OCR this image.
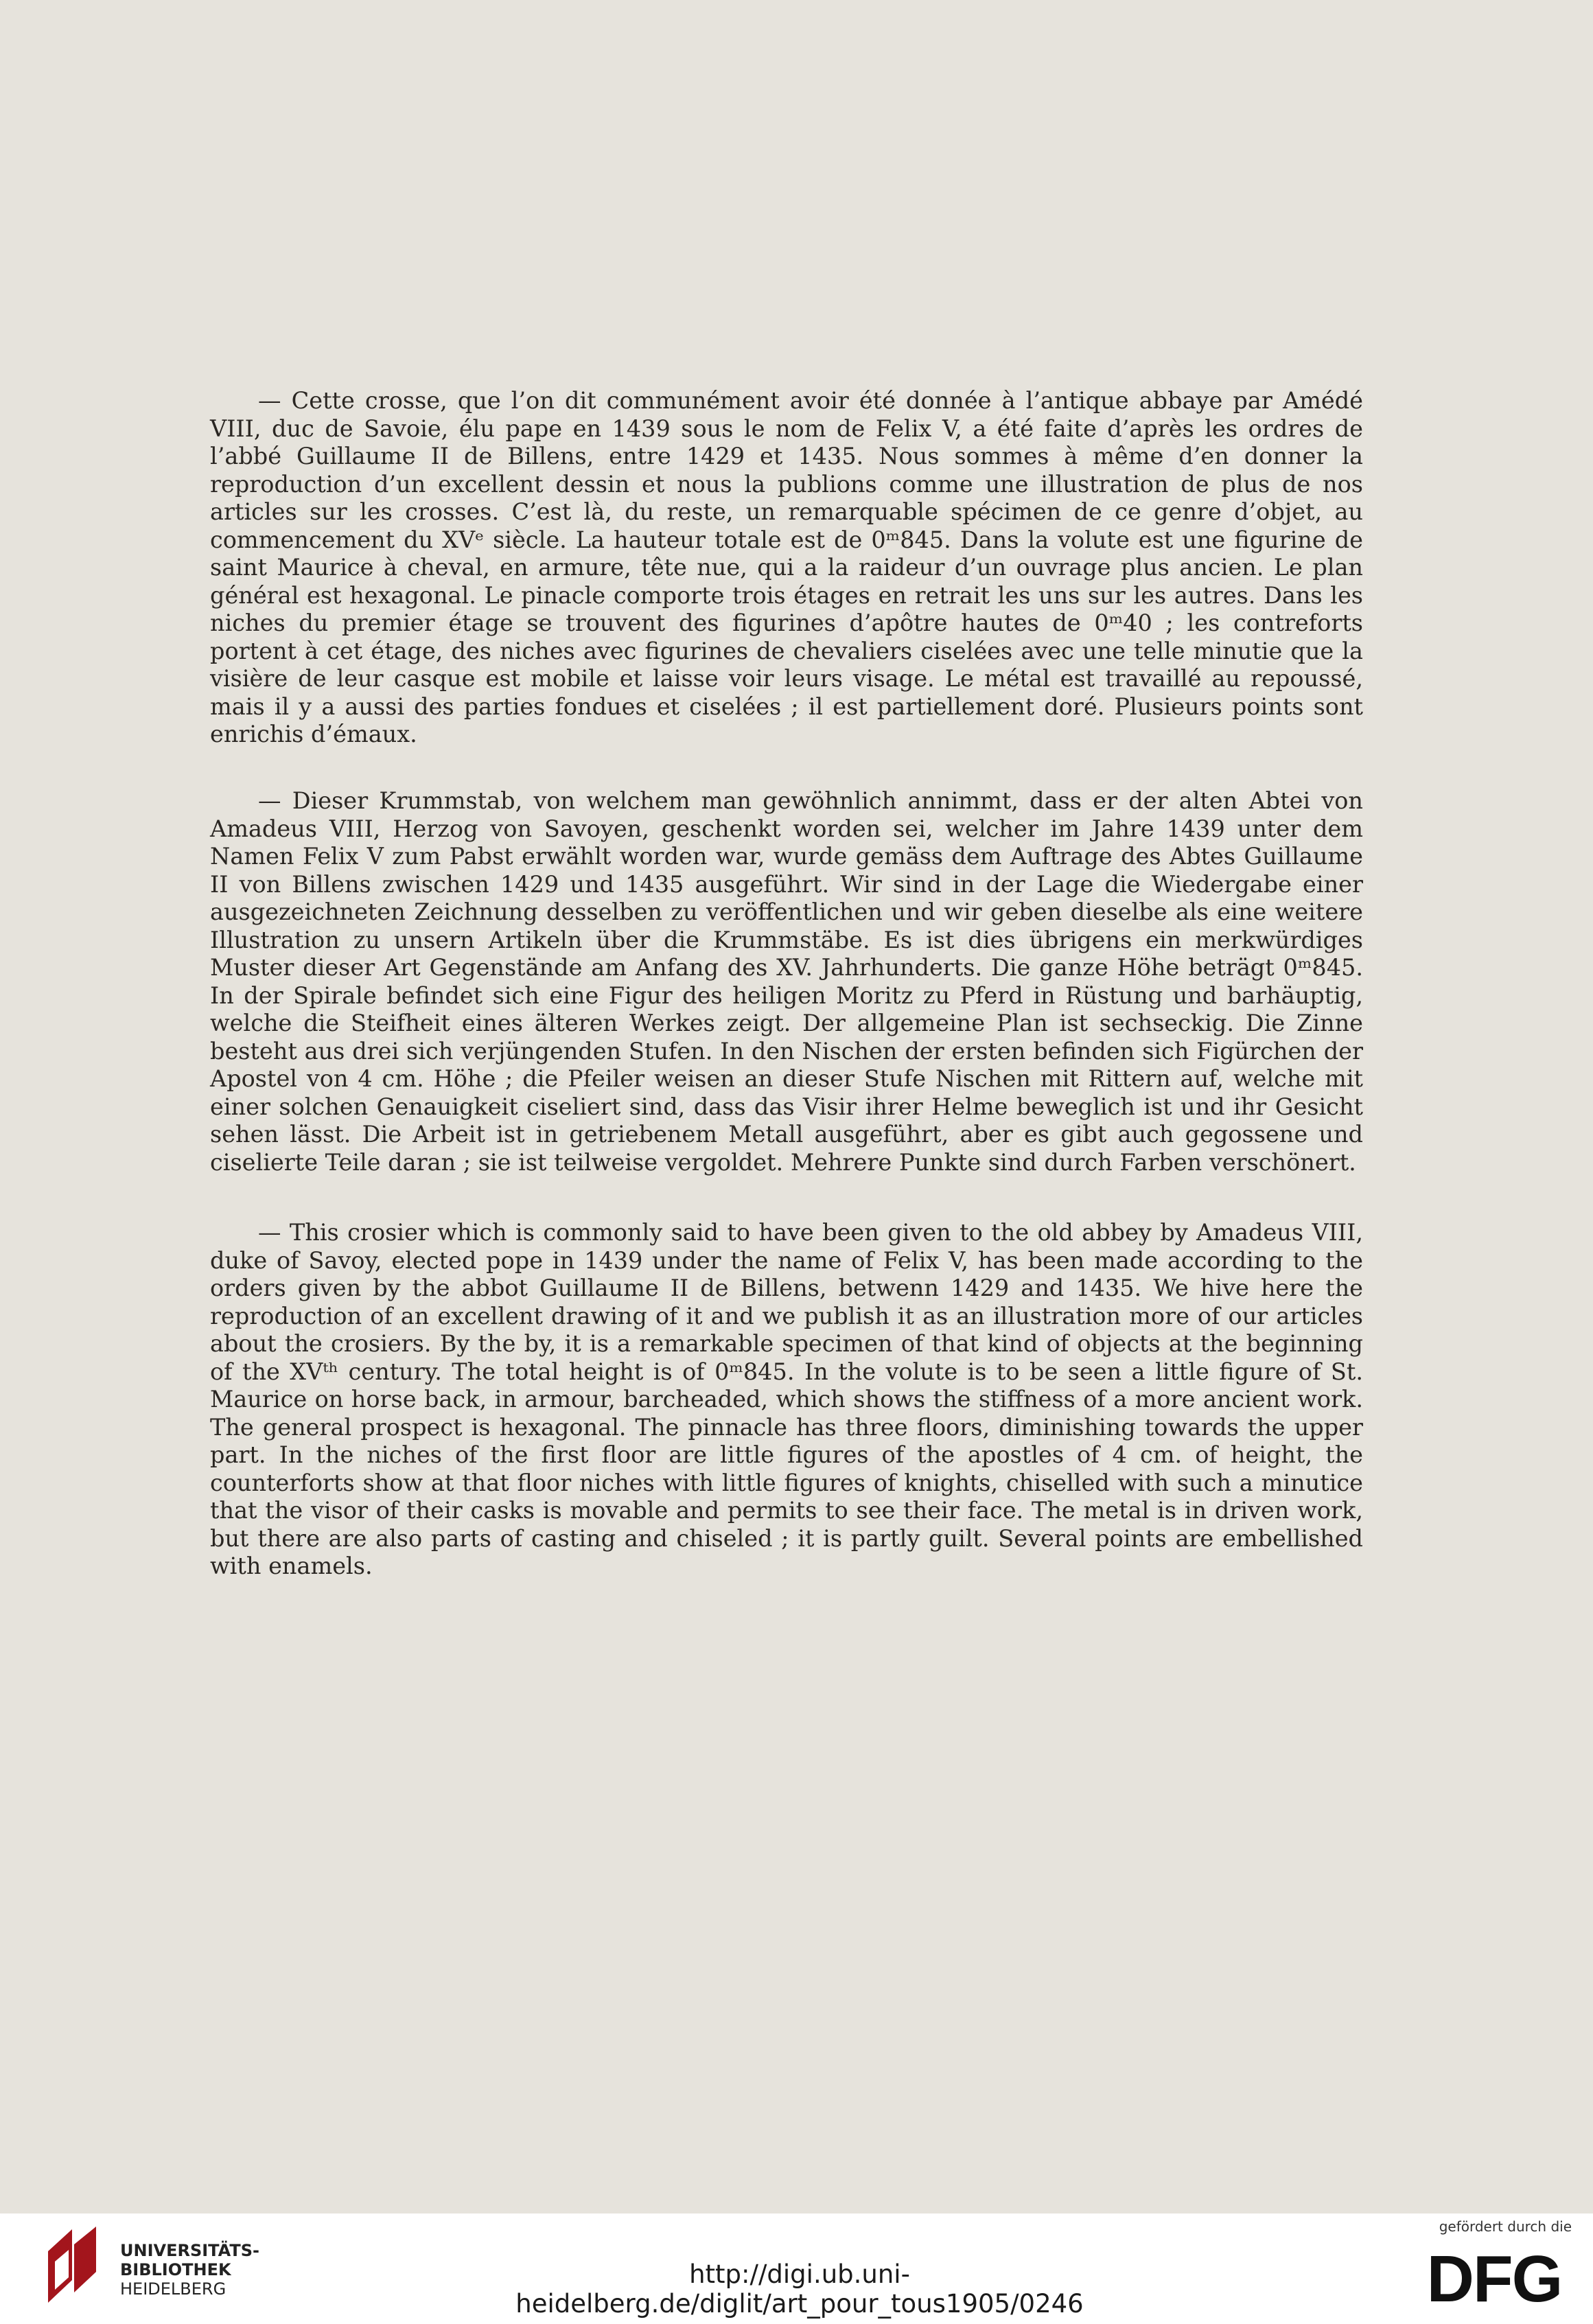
— Cette crosse, que l’on dit communément avoir été donnée à l’antique abbaye par Amédé VIII, duc de Savoie, élu pape en 1439 sous le nom de Felix V, a été faite d’après les ordres de l’abbé Guillaume II de Billens, entre 1429 et 1435. Nous sommes à même d’en donner la reproduction d’un excellent dessin et nous la publions comme une illustration de plus de nos articles sur les crosses. C’est là, du reste, un remarquable spécimen de ce genre d’objet, au commencement du XVᵉ siècle. La hauteur totale est de 0ᵐ845. Dans la volute est une figurine de saint Maurice à cheval, en armure, tête nue, qui a la raideur d’un ouvrage plus ancien. Le plan général est hexagonal. Le pinacle comporte trois étages en retrait les uns sur les autres. Dans les niches du premier étage se trouvent des figurines d’apôtre hautes de 0ᵐ40 ; les contreforts portent à cet étage, des niches avec figurines de chevaliers ciselées avec une telle minutie que la visière de leur casque est mobile et laisse voir leurs visage. Le métal est travaillé au repoussé, mais il y a aussi des parties fondues et ciselées ; il est partiellement doré. Plusieurs points sont enrichis d’émaux.

— Dieser Krummstab, von welchem man gewöhnlich annimmt, dass er der alten Abtei von Amadeus VIII, Herzog von Savoyen, geschenkt worden sei, welcher im Jahre 1439 unter dem Namen Felix V zum Pabst erwählt worden war, wurde gemäss dem Auftrage des Abtes Guillaume II von Billens zwischen 1429 und 1435 ausgeführt. Wir sind in der Lage die Wiedergabe einer ausgezeichneten Zeichnung desselben zu veröffentlichen und wir geben dieselbe als eine weitere Illustration zu unsern Artikeln über die Krummstäbe. Es ist dies übrigens ein merkwürdiges Muster dieser Art Gegenstände am Anfang des XV. Jahrhunderts. Die ganze Höhe beträgt 0ᵐ845. In der Spirale befindet sich eine Figur des heiligen Moritz zu Pferd in Rüstung und barhäuptig, welche die Steifheit eines älteren Werkes zeigt. Der allgemeine Plan ist sechseckig. Die Zinne besteht aus drei sich verjüngenden Stufen. In den Nischen der ersten befinden sich Figürchen der Apostel von 4 cm. Höhe ; die Pfeiler weisen an dieser Stufe Nischen mit Rittern auf, welche mit einer solchen Genauigkeit ciseliert sind, dass das Visir ihrer Helme beweglich ist und ihr Gesicht sehen lässt. Die Arbeit ist in getriebenem Metall ausgeführt, aber es gibt auch gegossene und ciselierte Teile daran ; sie ist teilweise vergoldet. Mehrere Punkte sind durch Farben verschönert.

— This crosier which is commonly said to have been given to the old abbey by Amadeus VIII, duke of Savoy, elected pope in 1439 under the name of Felix V, has been made according to the orders given by the abbot Guillaume II de Billens, betwenn 1429 and 1435. We hive here the reproduction of an excellent drawing of it and we publish it as an illustration more of our articles about the crosiers. By the by, it is a remarkable specimen of that kind of objects at the beginning of the XVᵗʰ century. The total height is of 0ᵐ845. In the volute is to be seen a little figure of St. Maurice on horse back, in armour, barcheaded, which shows the stiffness of a more ancient work. The general prospect is hexagonal. The pinnacle has three floors, diminishing towards the upper part. In the niches of the first floor are little figures of the apostles of 4 cm. of height, the counterforts show at that floor niches with little figures of knights, chiselled with such a minutice that the visor of their casks is movable and permits to see their face. The metal is in driven work, but there are also parts of casting and chiseled ; it is partly guilt. Several points are embellished with enamels.

UNIVERSITÄTS-
BIBLIOTHEK
HEIDELBERG	http://digi.ub.uni-heidelberg.de/diglit/art_pour_tous1905/0246
gefördert durch die
DFG
